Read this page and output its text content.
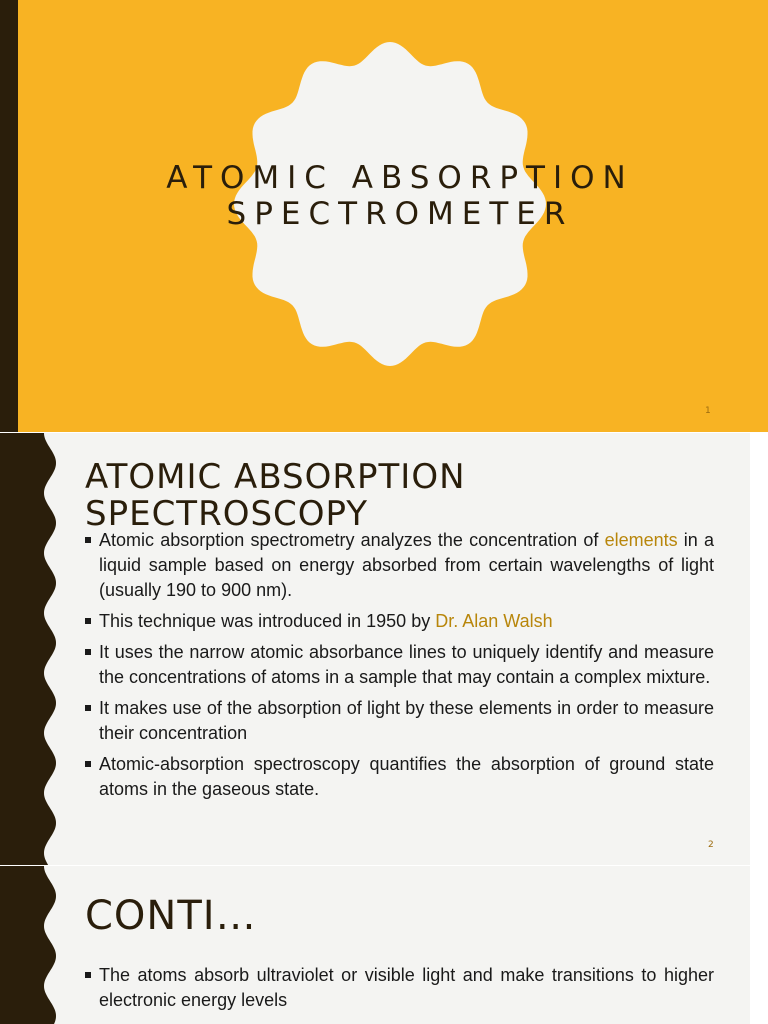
ATOMIC ABSORPTION
SPECTROMETER
1
ATOMIC ABSORPTION
SPECTROSCOPY
Atomic absorption spectrometry analyzes the concentration of elements in a liquid sample based on energy absorbed from certain wavelengths of light (usually 190 to 900 nm).
This technique was introduced in 1950 by Dr. Alan Walsh
It uses the narrow atomic absorbance lines to uniquely identify and measure the concentrations of atoms in a sample that may contain a complex mixture.
It makes use of the absorption of light by these elements in order to measure their concentration
Atomic-absorption spectroscopy quantifies the absorption of ground state atoms in the gaseous state.
2
CONTI…
The atoms absorb ultraviolet or visible light and make transitions to higher electronic energy levels
